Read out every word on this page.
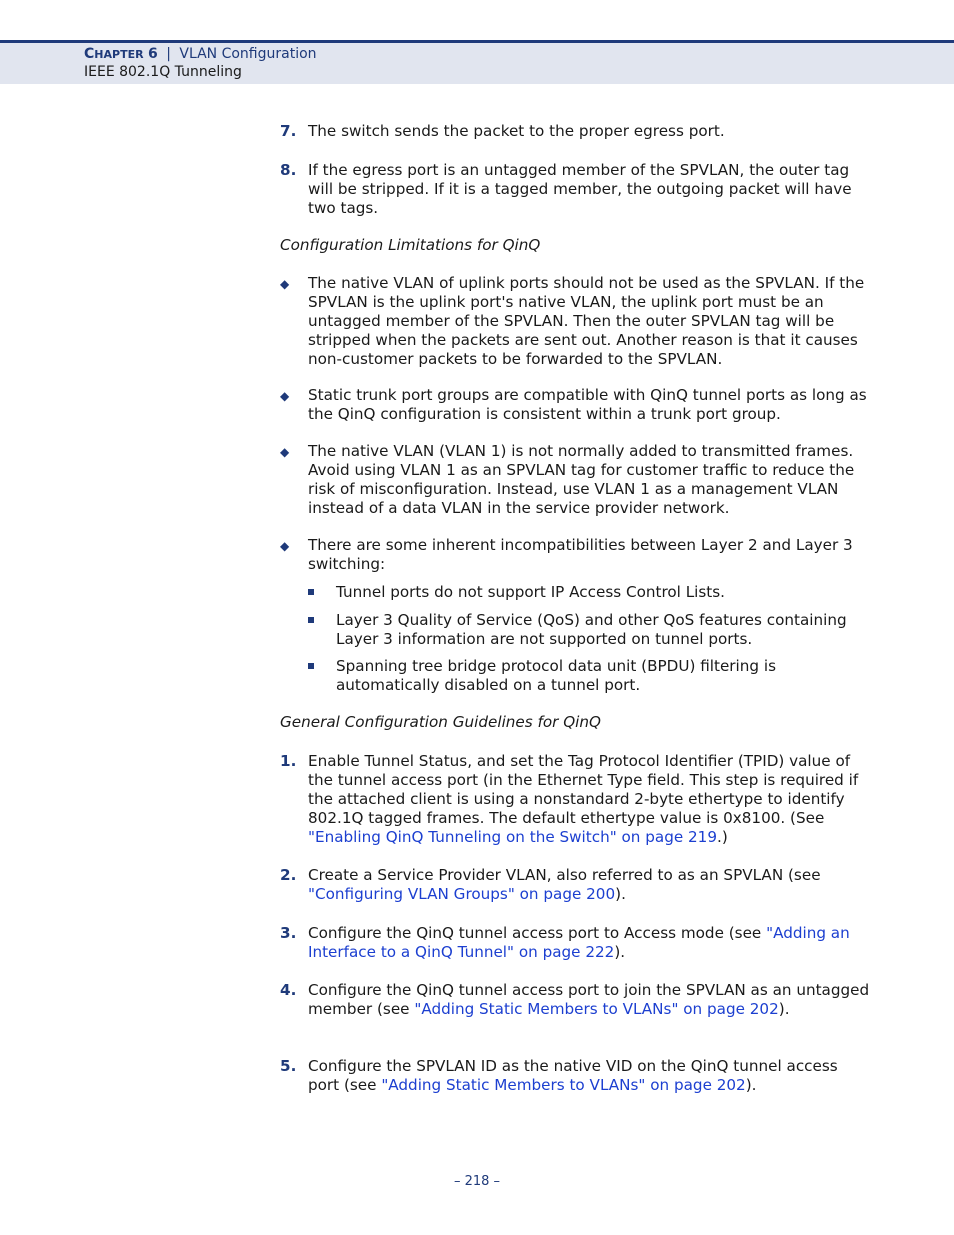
CHAPTER 6 | VLAN Configuration
IEEE 802.1Q Tunneling
7. The switch sends the packet to the proper egress port.
8. If the egress port is an untagged member of the SPVLAN, the outer tag will be stripped. If it is a tagged member, the outgoing packet will have two tags.
Configuration Limitations for QinQ
◆ The native VLAN of uplink ports should not be used as the SPVLAN. If the SPVLAN is the uplink port's native VLAN, the uplink port must be an untagged member of the SPVLAN. Then the outer SPVLAN tag will be stripped when the packets are sent out. Another reason is that it causes non-customer packets to be forwarded to the SPVLAN.
◆ Static trunk port groups are compatible with QinQ tunnel ports as long as the QinQ configuration is consistent within a trunk port group.
◆ The native VLAN (VLAN 1) is not normally added to transmitted frames. Avoid using VLAN 1 as an SPVLAN tag for customer traffic to reduce the risk of misconfiguration. Instead, use VLAN 1 as a management VLAN instead of a data VLAN in the service provider network.
◆ There are some inherent incompatibilities between Layer 2 and Layer 3 switching:
Tunnel ports do not support IP Access Control Lists.
Layer 3 Quality of Service (QoS) and other QoS features containing Layer 3 information are not supported on tunnel ports.
Spanning tree bridge protocol data unit (BPDU) filtering is automatically disabled on a tunnel port.
General Configuration Guidelines for QinQ
1. Enable Tunnel Status, and set the Tag Protocol Identifier (TPID) value of the tunnel access port (in the Ethernet Type field. This step is required if the attached client is using a nonstandard 2-byte ethertype to identify 802.1Q tagged frames. The default ethertype value is 0x8100. (See "Enabling QinQ Tunneling on the Switch" on page 219.)
2. Create a Service Provider VLAN, also referred to as an SPVLAN (see "Configuring VLAN Groups" on page 200).
3. Configure the QinQ tunnel access port to Access mode (see "Adding an Interface to a QinQ Tunnel" on page 222).
4. Configure the QinQ tunnel access port to join the SPVLAN as an untagged member (see "Adding Static Members to VLANs" on page 202).
5. Configure the SPVLAN ID as the native VID on the QinQ tunnel access port (see "Adding Static Members to VLANs" on page 202).
– 218 –
